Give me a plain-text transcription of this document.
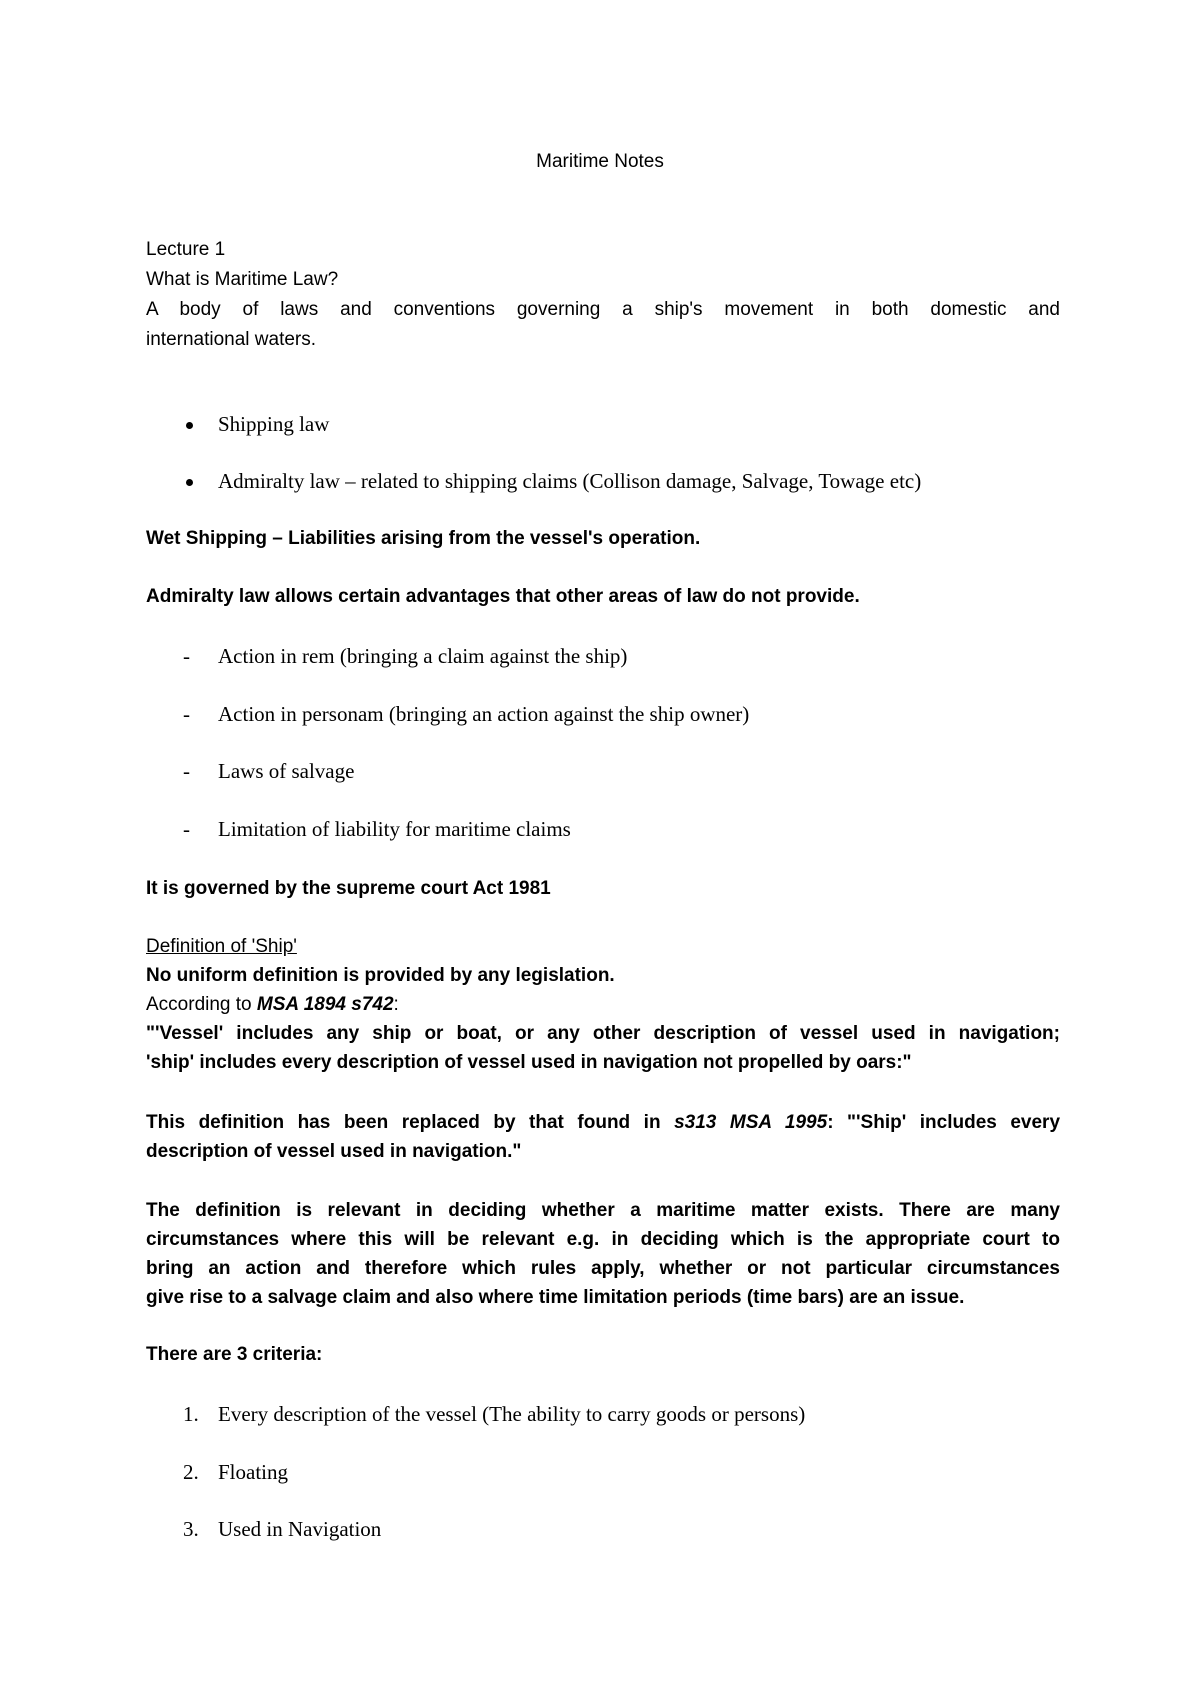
Maritime Notes
Lecture 1
What is Maritime Law?
A body of laws and conventions governing a ship's movement in both domestic and
international waters.
Shipping law
Admiralty law – related to shipping claims (Collison damage, Salvage, Towage etc)
Wet Shipping – Liabilities arising from the vessel's operation.
Admiralty law allows certain advantages that other areas of law do not provide.
- Action in rem (bringing a claim against the ship)
- Action in personam (bringing an action against the ship owner)
- Laws of salvage
- Limitation of liability for maritime claims
It is governed by the supreme court Act 1981
Definition of 'Ship'
No uniform definition is provided by any legislation.
According to MSA 1894 s742:
"'Vessel' includes any ship or boat, or any other description of vessel used in navigation;
'ship' includes every description of vessel used in navigation not propelled by oars:"
This definition has been replaced by that found in s313 MSA 1995: "'Ship' includes every
description of vessel used in navigation."
The definition is relevant in deciding whether a maritime matter exists. There are many
circumstances where this will be relevant e.g. in deciding which is the appropriate court to
bring an action and therefore which rules apply, whether or not particular circumstances
give rise to a salvage claim and also where time limitation periods (time bars) are an issue.
There are 3 criteria:
1. Every description of the vessel (The ability to carry goods or persons)
2. Floating
3. Used in Navigation
